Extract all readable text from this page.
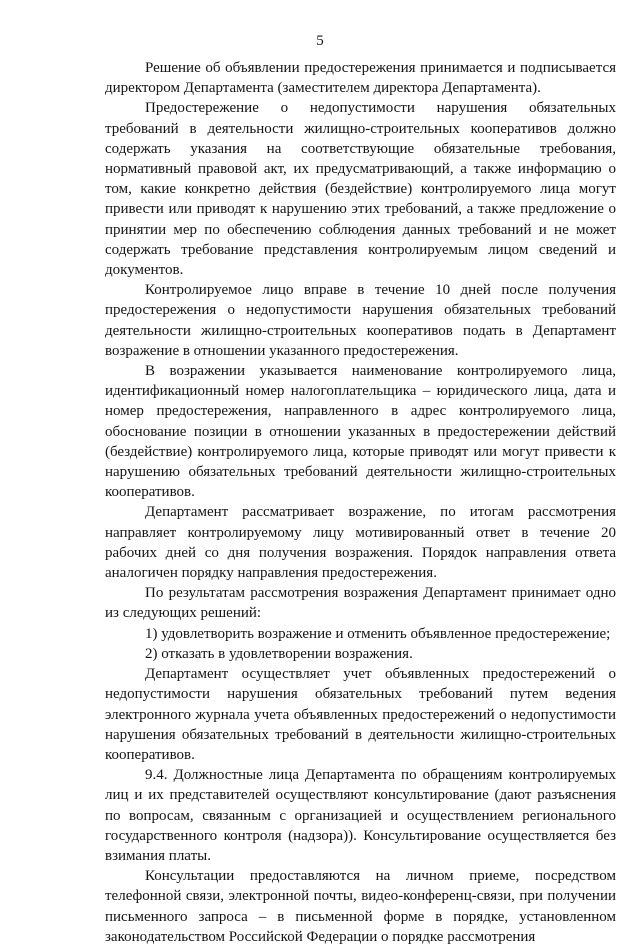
5

Решение об объявлении предостережения принимается и подписывается директором Департамента (заместителем директора Департамента).

Предостережение о недопустимости нарушения обязательных требований в деятельности жилищно-строительных кооперативов должно содержать указания на соответствующие обязательные требования, нормативный правовой акт, их предусматривающий, а также информацию о том, какие конкретно действия (бездействие) контролируемого лица могут привести или приводят к нарушению этих требований, а также предложение о принятии мер по обеспечению соблюдения данных требований и не может содержать требование представления контролируемым лицом сведений и документов.

Контролируемое лицо вправе в течение 10 дней после получения предостережения о недопустимости нарушения обязательных требований деятельности жилищно-строительных кооперативов подать в Департамент возражение в отношении указанного предостережения.

В возражении указывается наименование контролируемого лица, идентификационный номер налогоплательщика – юридического лица, дата и номер предостережения, направленного в адрес контролируемого лица, обоснование позиции в отношении указанных в предостережении действий (бездействие) контролируемого лица, которые приводят или могут привести к нарушению обязательных требований деятельности жилищно-строительных кооперативов.

Департамент рассматривает возражение, по итогам рассмотрения направляет контролируемому лицу мотивированный ответ в течение 20 рабочих дней со дня получения возражения. Порядок направления ответа аналогичен порядку направления предостережения.

По результатам рассмотрения возражения Департамент принимает одно из следующих решений:

1) удовлетворить возражение и отменить объявленное предостережение;

2) отказать в удовлетворении возражения.

Департамент осуществляет учет объявленных предостережений о недопустимости нарушения обязательных требований путем ведения электронного журнала учета объявленных предостережений о недопустимости нарушения обязательных требований в деятельности жилищно-строительных кооперативов.

9.4. Должностные лица Департамента по обращениям контролируемых лиц и их представителей осуществляют консультирование (дают разъяснения по вопросам, связанным с организацией и осуществлением регионального государственного контроля (надзора)). Консультирование осуществляется без взимания платы.

Консультации предоставляются на личном приеме, посредством телефонной связи, электронной почты, видео-конференц-связи, при получении письменного запроса – в письменной форме в порядке, установленном законодательством Российской Федерации о порядке рассмотрения
